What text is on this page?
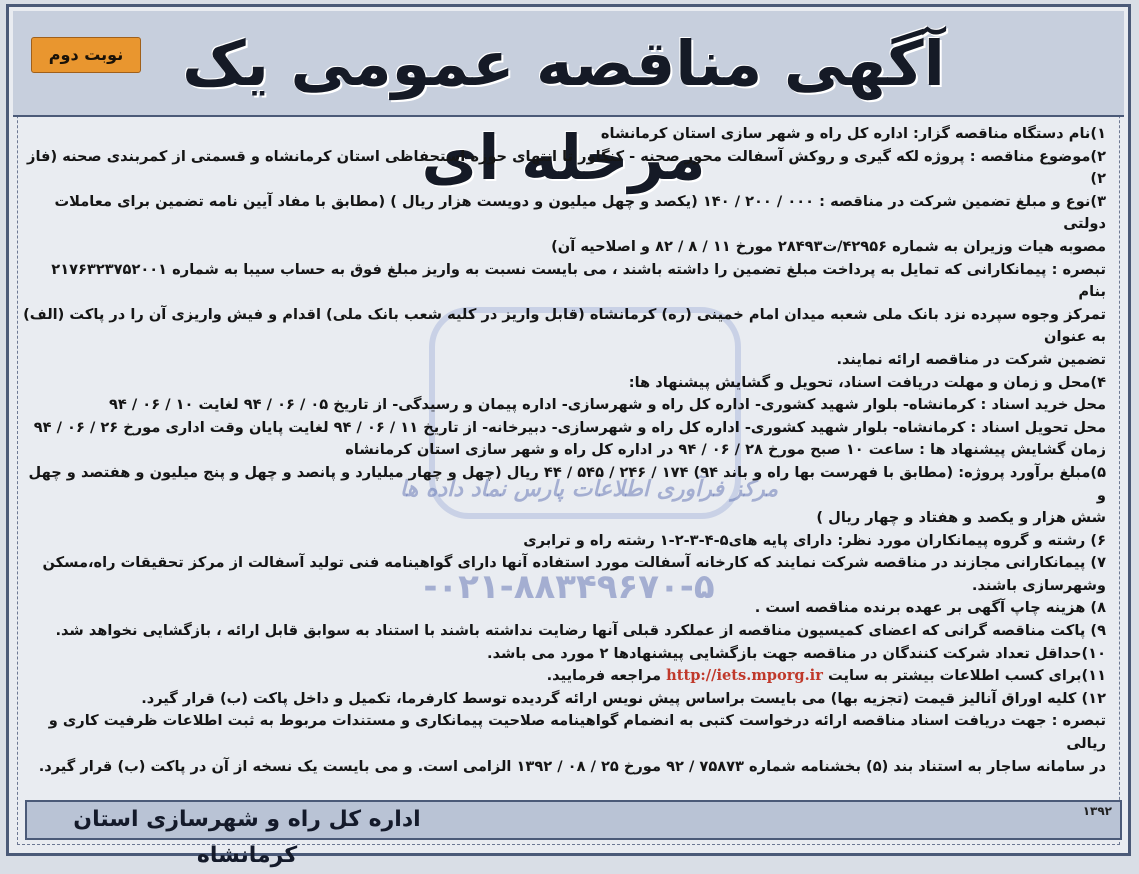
آگهی مناقصه عمومی یک مرحله ای
نوبت دوم
مرکز فرآوری اطلاعات پارس نماد داده ها
-۰۲۱-۸۸۳۴۹۶۷۰-۵

۱)نام دستگاه مناقصه گزار: اداره کل راه و شهر سازی استان کرمانشاه

۲)موضوع مناقصه : پروژه لکه گیری و روکش آسفالت محور صحنه - کنگاور تا انتهای حوزه استحفاظی استان کرمانشاه و قسمتی از کمربندی صحنه (فاز ۲)

۳)نوع و مبلغ تضمین شرکت در مناقصه : ۰۰۰ / ۲۰۰ / ۱۴۰ (یکصد و چهل میلیون و دویست هزار ریال ) (مطابق با مفاد آیین نامه تضمین برای معاملات دولتی

مصوبه هیات وزیران به شماره ۴۲۹۵۶/ت۲۸۴۹۳ مورخ ۱۱ / ۸ / ۸۲ و اصلاحیه آن)

تبصره : پیمانکارانی که تمایل به پرداخت مبلغ تضمین را داشته باشند ، می بایست نسبت به واریز مبلغ فوق به حساب سیبا به شماره ۲۱۷۶۳۲۳۷۵۲۰۰۱ بنام

تمرکز وجوه سپرده نزد بانک ملی شعبه میدان امام خمینی (ره) کرمانشاه (قابل واریز در کلیه شعب بانک ملی) اقدام و فیش واریزی آن را در پاکت (الف) به عنوان

تضمین شرکت در مناقصه ارائه نمایند.

۴)محل و زمان و مهلت دریافت اسناد، تحویل و گشایش پیشنهاد ها:

محل خرید اسناد : کرمانشاه- بلوار شهید کشوری- اداره کل راه و شهرسازی- اداره پیمان و رسیدگی- از تاریخ ۰۵ / ۰۶ / ۹۴ لغایت ۱۰ / ۰۶ / ۹۴

محل تحویل اسناد : کرمانشاه- بلوار شهید کشوری- اداره کل راه و شهرسازی- دبیرخانه- از تاریخ ۱۱ / ۰۶ / ۹۴ لغایت پایان وقت اداری مورخ ۲۶ / ۰۶ / ۹۴

زمان گشایش پیشنهاد ها : ساعت ۱۰ صبح مورخ ۲۸ / ۰۶ / ۹۴ در اداره کل راه و شهر سازی استان کرمانشاه

۵)مبلغ برآورد پروژه: (مطابق با فهرست بها راه و باند ۹۴) ۱۷۴ / ۲۴۶ / ۵۴۵ / ۴۴ ریال (چهل و چهار میلیارد و پانصد و چهل و پنج میلیون و هفتصد و چهل و

شش هزار و یکصد و هفتاد و چهار ریال )

۶) رشته و گروه پیمانکاران مورد نظر: دارای پایه های۵-۴-۳-۲-۱ رشته راه و ترابری

۷) پیمانکارانی مجازند در مناقصه شرکت نمایند که کارخانه آسفالت مورد استفاده آنها دارای گواهینامه فنی تولید آسفالت از مرکز تحقیقات راه،مسکن وشهرسازی باشند.

۸) هزینه چاپ آگهی بر عهده برنده مناقصه است .

۹) پاکت مناقصه گرانی که اعضای کمیسیون مناقصه از عملکرد قبلی آنها رضایت نداشته باشند با استناد به سوابق قابل ارائه ، بازگشایی نخواهد شد.

۱۰)حداقل تعداد شرکت کنندگان در مناقصه جهت بازگشایی پیشنهادها ۲ مورد می باشد.

۱۱)برای کسب اطلاعات بیشتر به سایت http://iets.mporg.ir مراجعه فرمایید.

۱۲) کلیه اوراق آنالیز قیمت (تجزیه بها) می بایست براساس پیش نویس ارائه گردیده توسط کارفرما، تکمیل و داخل پاکت (ب) قرار گیرد.

تبصره : جهت دریافت اسناد مناقصه ارائه درخواست کتبی به انضمام گواهینامه صلاحیت پیمانکاری و مستندات مربوط به ثبت اطلاعات ظرفیت کاری و ریالی

در سامانه ساجار به استناد بند (۵) بخشنامه شماره ۷۵۸۷۳ / ۹۲ مورخ ۲۵ / ۰۸ / ۱۳۹۲ الزامی است. و می بایست یک نسخه از آن در پاکت (ب) قرار گیرد.

اداره کل راه و شهرسازی استان کرمانشاه
۱۳۹۲
